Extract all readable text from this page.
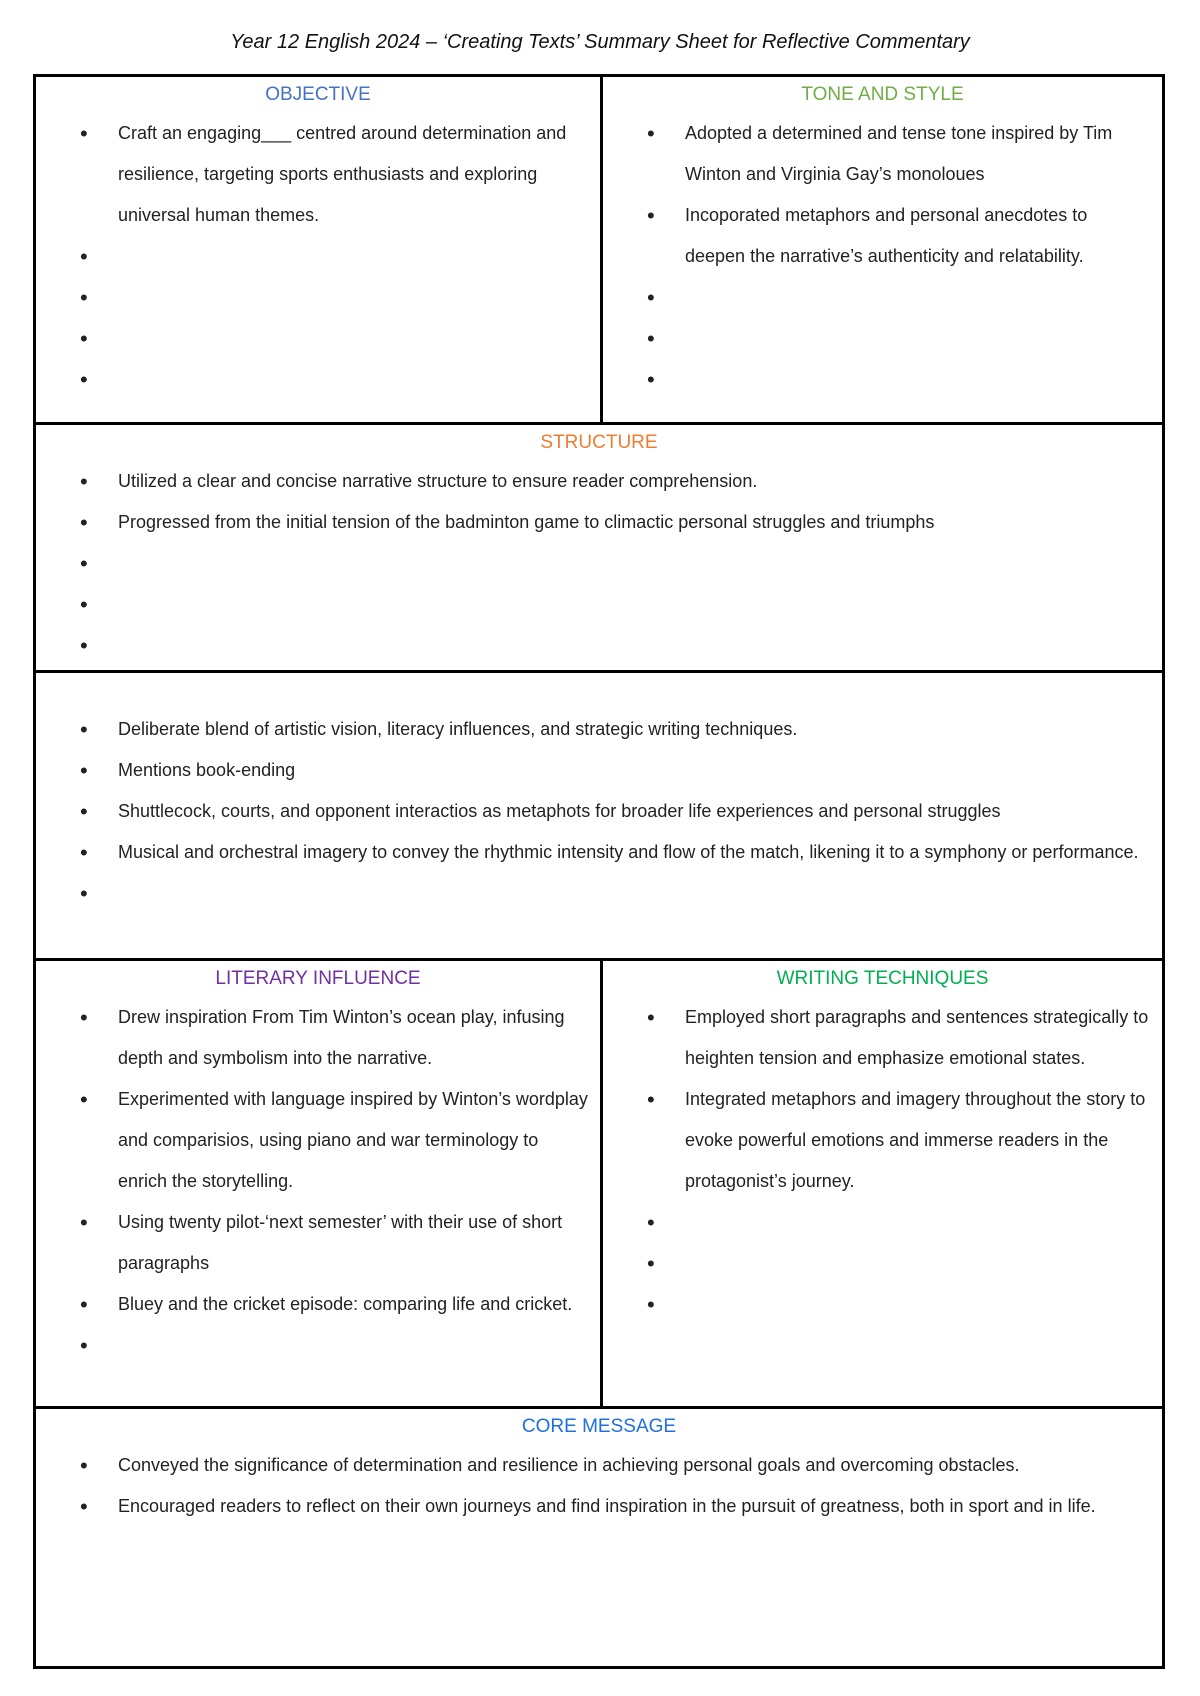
Year 12 English 2024 – ‘Creating Texts’ Summary Sheet for Reflective Commentary
OBJECTIVE
• Craft an engaging___ centred around determination and resilience, targeting sports enthusiasts and exploring universal human themes.
•
•
•
•
TONE AND STYLE
• Adopted a determined and tense tone inspired by Tim Winton and Virginia Gay’s monoloues
• Incoporated metaphors and personal anecdotes to deepen the narrative’s authenticity and relatability.
•
•
•
STRUCTURE
• Utilized a clear and concise narrative structure to ensure reader comprehension.
• Progressed from the initial tension of the badminton game to climactic personal struggles and triumphs
•
•
•
• Deliberate blend of artistic vision, literacy influences, and strategic writing techniques.
• Mentions book-ending
• Shuttlecock, courts, and opponent interactios as metaphots for broader life experiences and personal struggles
• Musical and orchestral imagery to convey the rhythmic intensity and flow of the match, likening it to a symphony or performance.
•
LITERARY INFLUENCE
• Drew inspiration From Tim Winton’s ocean play, infusing depth and symbolism into the narrative.
• Experimented with language inspired by Winton’s wordplay and comparisios, using piano and war terminology to enrich the storytelling.
• Using twenty pilot-‘next semester’ with their use of short paragraphs
• Bluey and the cricket episode: comparing life and cricket.
•
WRITING TECHNIQUES
• Employed short paragraphs and sentences strategically to heighten tension and emphasize emotional states.
• Integrated metaphors and imagery throughout the story to evoke powerful emotions and immerse readers in the protagonist’s journey.
•
•
•
CORE MESSAGE
• Conveyed the significance of determination and resilience in achieving personal goals and overcoming obstacles.
• Encouraged readers to reflect on their own journeys and find inspiration in the pursuit of greatness, both in sport and in life.
